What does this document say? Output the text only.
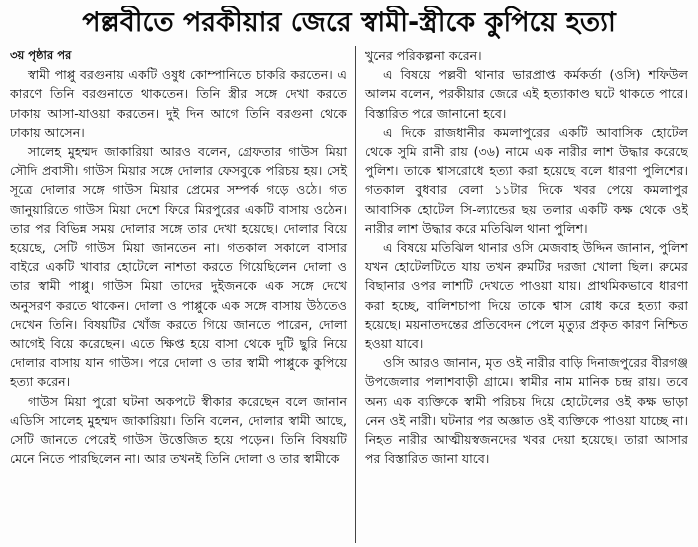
পল্লবীতে পরকীয়ার জেরে স্বামী-স্ত্রীকে কুপিয়ে হত্যা

৩য় পৃষ্ঠার পর

স্বামী পাপ্পু বরগুনায় একটি ওষুধ কোম্পানিতে চাকরি করতেন। এ কারণে তিনি বরগুনাতে থাকতেন। তিনি স্ত্রীর সঙ্গে দেখা করতে ঢাকায় আসা-যাওয়া করতেন। দুই দিন আগে তিনি বরগুনা থেকে ঢাকায় আসেন।

সালেহ মুহম্মদ জাকারিয়া আরও বলেন, গ্রেফতার গাউস মিয়া সৌদি প্রবাসী। গাউস মিয়ার সঙ্গে দোলার ফেসবুকে পরিচয় হয়। সেই সূত্রে দোলার সঙ্গে গাউস মিয়ার প্রেমের সম্পর্ক গড়ে ওঠে। গত জানুয়ারিতে গাউস মিয়া দেশে ফিরে মিরপুরের একটি বাসায় ওঠেন। তার পর বিভিন্ন সময় দোলার সঙ্গে তার দেখা হয়েছে। দোলার বিয়ে হয়েছে, সেটি গাউস মিয়া জানতেন না। গতকাল সকালে বাসার বাইরে একটি খাবার হোটেলে নাশতা করতে গিয়েছিলেন দোলা ও তার স্বামী পাপ্পু। গাউস মিয়া তাদের দুইজনকে এক সঙ্গে দেখে অনুসরণ করতে থাকেন। দোলা ও পাপ্পুকে এক সঙ্গে বাসায় উঠতেও দেখেন তিনি। বিষয়টির খোঁজ করতে গিয়ে জানতে পারেন, দোলা আগেই বিয়ে করেছেন। এতে ক্ষিপ্ত হয়ে বাসা থেকে দুটি ছুরি নিয়ে দোলার বাসায় যান গাউস। পরে দোলা ও তার স্বামী পাপ্পুকে কুপিয়ে হত্যা করেন।

গাউস মিয়া পুরো ঘটনা অকপটে স্বীকার করেছেন বলে জানান এডিসি সালেহ মুহম্মদ জাকারিয়া। তিনি বলেন, দোলার স্বামী আছে, সেটি জানতে পেরেই গাউস উত্তেজিত হয়ে পড়েন। তিনি বিষয়টি মেনে নিতে পারছিলেন না। আর তখনই তিনি দোলা ও তার স্বামীকে

খুনের পরিকল্পনা করেন।

এ বিষয়ে পল্লবী থানার ভারপ্রাপ্ত কর্মকর্তা (ওসি) শফিউল আলম বলেন, পরকীয়ার জেরে এই হত্যাকাণ্ড ঘটে থাকতে পারে। বিস্তারিত পরে জানানো হবে।

এ দিকে রাজধানীর কমলাপুরের একটি আবাসিক হোটেল থেকে সুমি রানী রায় (৩৬) নামে এক নারীর লাশ উদ্ধার করেছে পুলিশ। তাকে শ্বাসরোধে হত্যা করা হয়েছে বলে ধারণা পুলিশের। গতকাল বুধবার বেলা ১১টার দিকে খবর পেয়ে কমলাপুর আবাসিক হোটেল সি-ল্যান্ডের ছয় তলার একটি কক্ষ থেকে ওই নারীর লাশ উদ্ধার করে মতিঝিল থানা পুলিশ।

এ বিষয়ে মতিঝিল থানার ওসি মেজবাহ উদ্দিন জানান, পুলিশ যখন হোটেলটিতে যায় তখন রুমটির দরজা খোলা ছিল। রুমের বিছানার ওপর লাশটি দেখতে পাওয়া যায়। প্রাথমিকভাবে ধারণা করা হচ্ছে, বালিশচাপা দিয়ে তাকে শ্বাস রোধ করে হত্যা করা হয়েছে। ময়নাতদন্তের প্রতিবেদন পেলে মৃত্যুর প্রকৃত কারণ নিশ্চিত হওয়া যাবে।

ওসি আরও জানান, মৃত ওই নারীর বাড়ি দিনাজপুরের বীরগঞ্জ উপজেলার পলাশবাড়ী গ্রামে। স্বামীর নাম মানিক চন্দ্র রায়। তবে অন্য এক ব্যক্তিকে স্বামী পরিচয় দিয়ে হোটেলের ওই কক্ষ ভাড়া নেন ওই নারী। ঘটনার পর অজ্ঞাত ওই ব্যক্তিকে পাওয়া যাচ্ছে না। নিহত নারীর আত্মীয়স্বজনদের খবর দেয়া হয়েছে। তারা আসার পর বিস্তারিত জানা যাবে।
